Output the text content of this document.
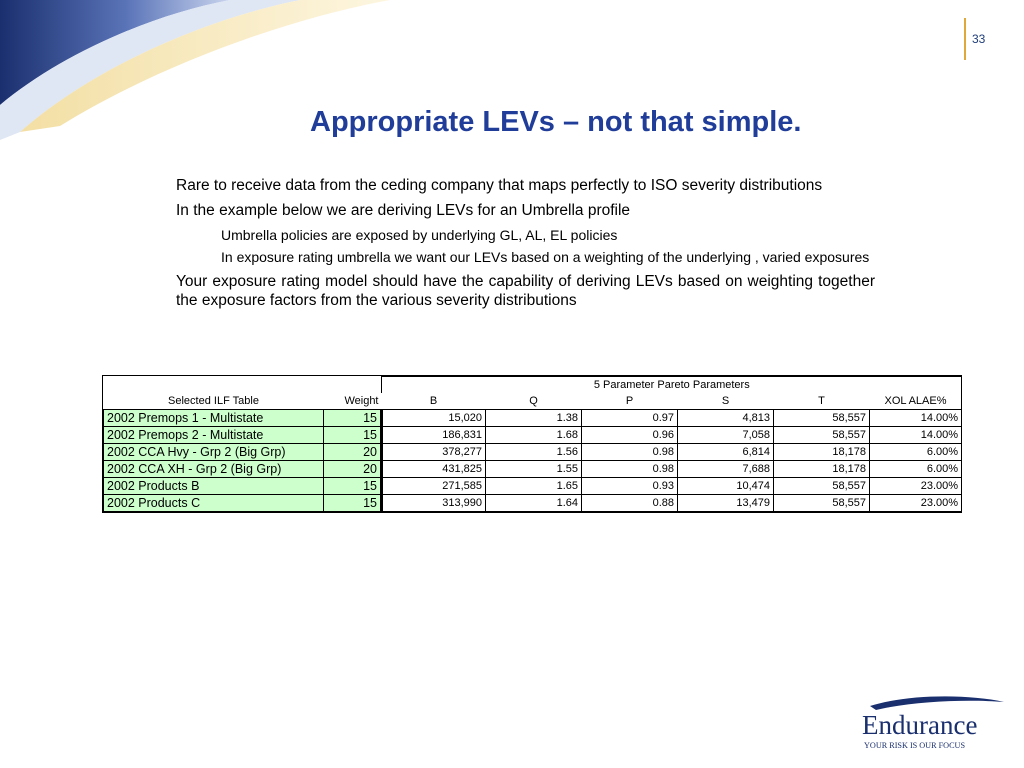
33
Appropriate LEVs – not that simple.
Rare to receive data from the ceding company that maps perfectly to ISO severity distributions
In the example below we are deriving LEVs for an Umbrella profile
Umbrella policies are exposed by underlying GL, AL, EL policies
In exposure rating umbrella we want our LEVs based on a weighting of the underlying , varied exposures
Your exposure rating model should have the capability of deriving LEVs based on weighting together the exposure factors from the various severity distributions
		5 Parameter Pareto Parameters					
Selected ILF Table	Weight	B	Q	P	S	T	XOL ALAE%
2002 Premops 1 - Multistate	15	15,020	1.38	0.97	4,813	58,557	14.00%
2002 Premops 2 - Multistate	15	186,831	1.68	0.96	7,058	58,557	14.00%
2002 CCA Hvy - Grp 2 (Big Grp)	20	378,277	1.56	0.98	6,814	18,178	6.00%
2002 CCA XH - Grp 2 (Big Grp)	20	431,825	1.55	0.98	7,688	18,178	6.00%
2002 Products B	15	271,585	1.65	0.93	10,474	58,557	23.00%
2002 Products C	15	313,990	1.64	0.88	13,479	58,557	23.00%
Endurance
YOUR RISK IS OUR FOCUS
